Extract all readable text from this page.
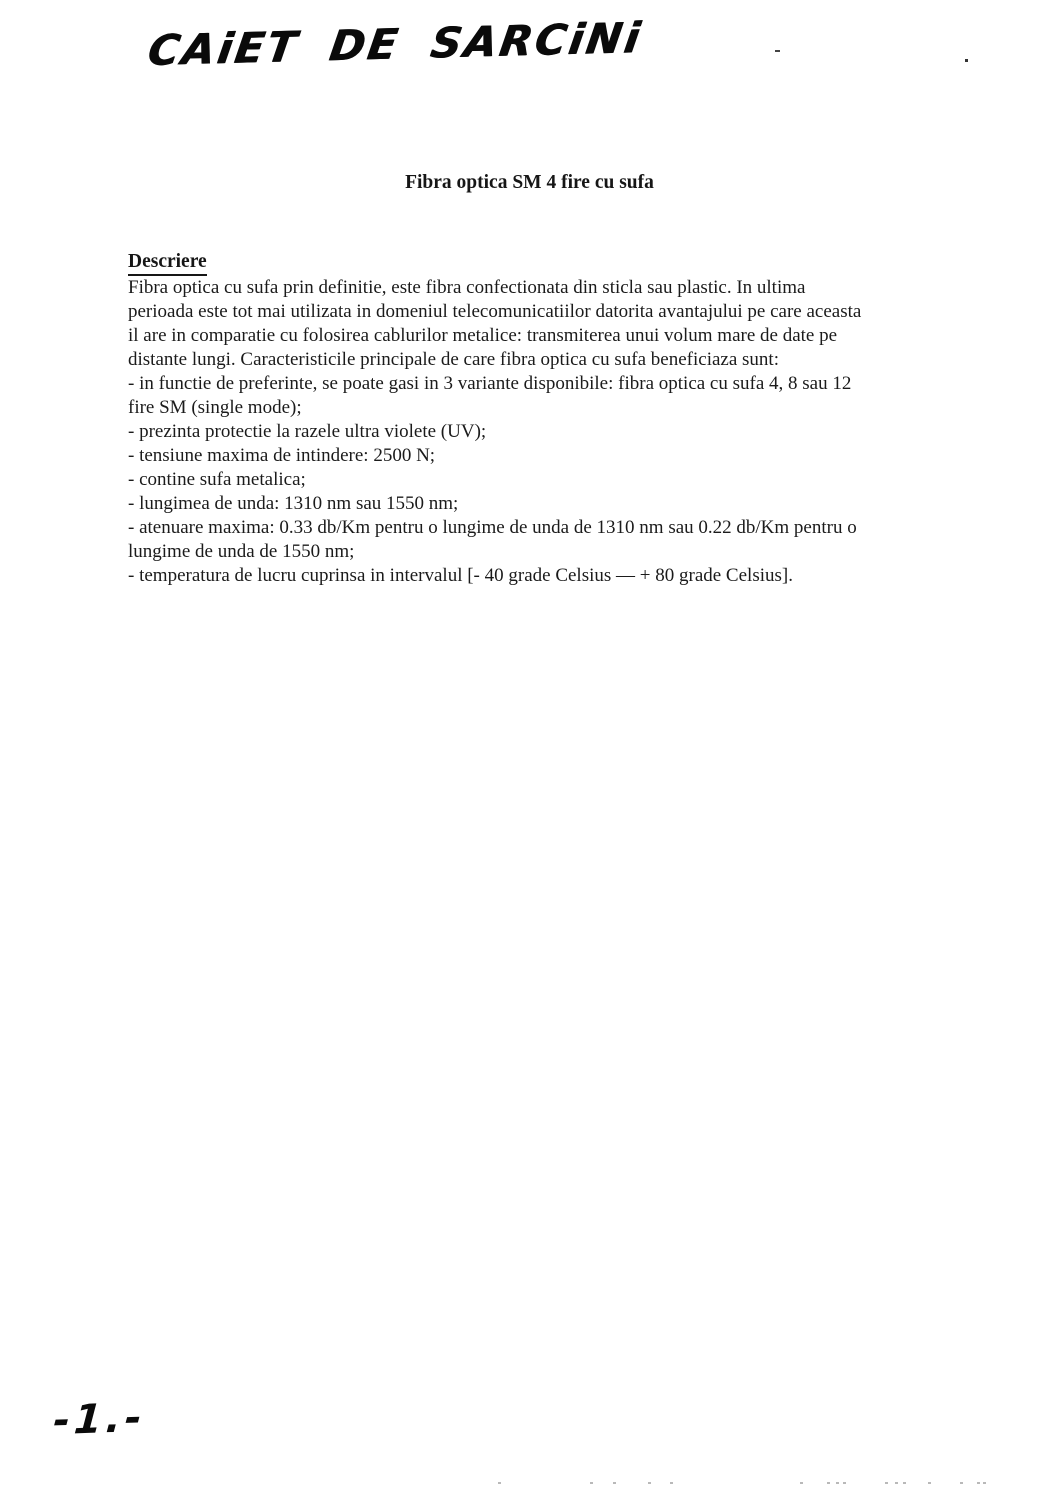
CAiET DE SARCiNi
Fibra optica SM 4 fire cu sufa
Descriere
Fibra optica cu sufa prin definitie, este fibra confectionata din sticla sau plastic. In ultima
perioada este tot mai utilizata in domeniul telecomunicatiilor datorita avantajului pe care aceasta
il are in comparatie cu folosirea cablurilor metalice: transmiterea unui volum mare de date pe
distante lungi. Caracteristicile principale de care fibra optica cu sufa beneficiaza sunt:
- in functie de preferinte, se poate gasi in 3 variante disponibile: fibra optica cu sufa 4, 8 sau 12
fire SM (single mode);
- prezinta protectie la razele ultra violete (UV);
- tensiune maxima de intindere: 2500 N;
- contine sufa metalica;
- lungimea de unda: 1310 nm sau 1550 nm;
- atenuare maxima: 0.33 db/Km pentru o lungime de unda de 1310 nm sau 0.22 db/Km pentru o
lungime de unda de 1550 nm;
- temperatura de lucru cuprinsa in intervalul [- 40 grade Celsius — + 80 grade Celsius].
-1.-
